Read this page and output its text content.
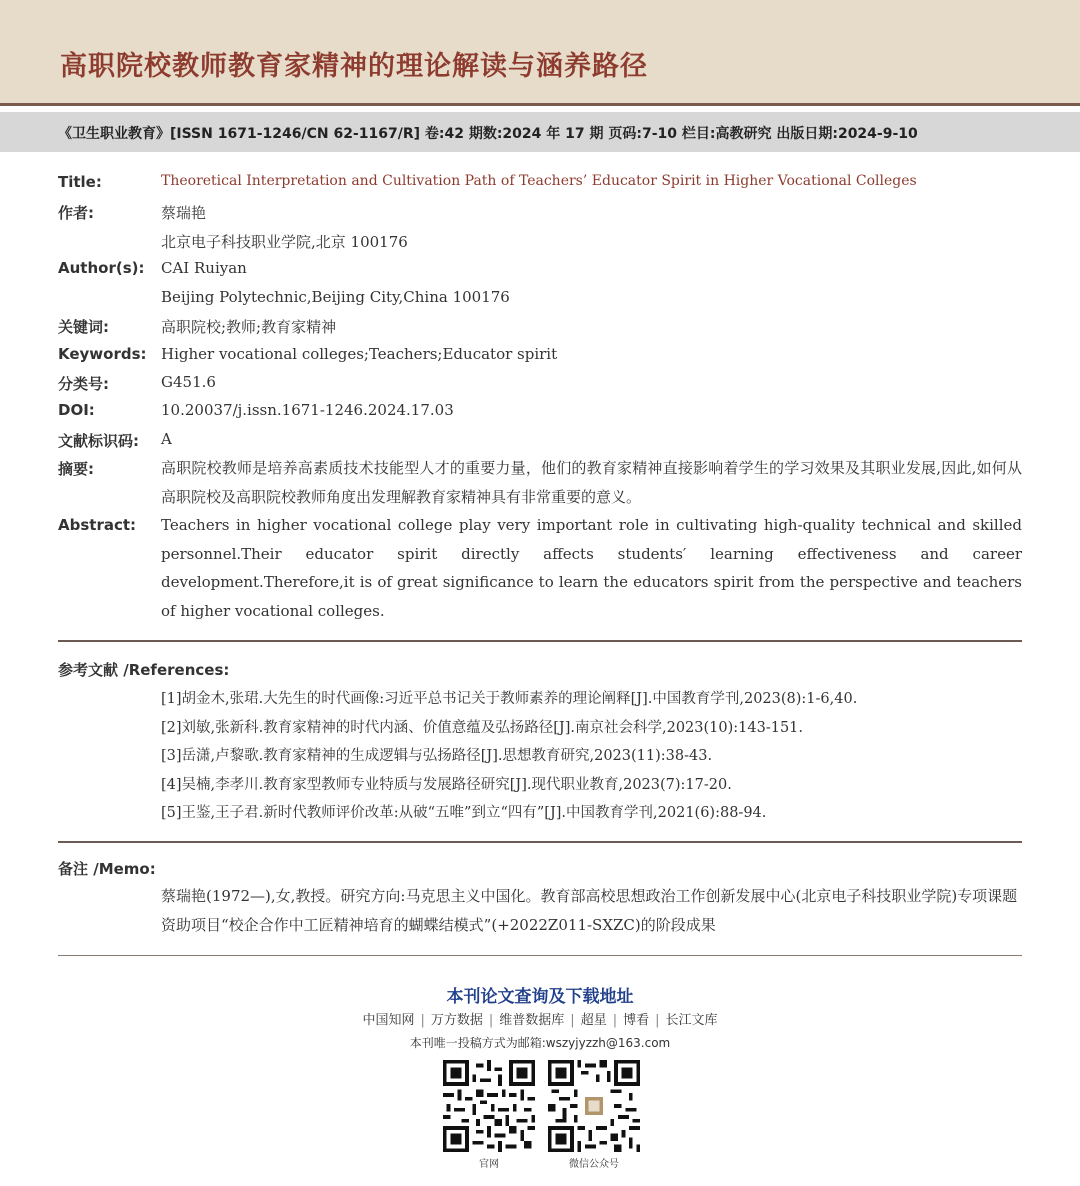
高职院校教师教育家精神的理论解读与涵养路径
《卫生职业教育》[ISSN 1671-1246/CN 62-1167/R] 卷:42 期数:2024 年 17 期 页码:7-10 栏目:高教研究 出版日期:2024-9-10
Title:	Theoretical Interpretation and Cultivation Path of Teachers’ Educator Spirit in Higher Vocational Colleges
作者:	蔡瑞艳
北京电子科技职业学院,北京 100176
Author(s): CAI Ruiyan
Beijing Polytechnic,Beijing City,China 100176
关键词:	高职院校;教师;教育家精神
Keywords: Higher vocational colleges;Teachers;Educator spirit
分类号:	G451.6
DOI:	10.20037/j.issn.1671-1246.2024.17.03
文献标识码: A
摘要:	高职院校教师是培养高素质技术技能型人才的重要力量，他们的教育家精神直接影响着学生的学习效果及其职业发展,因此,如何从高职院校及高职院校教师角度出发理解教育家精神具有非常重要的意义。
Abstract: Teachers in higher vocational college play very important role in cultivating high-quality technical and skilled personnel.Their educator spirit directly affects students′ learning effectiveness and career development.Therefore,it is of great significance to learn the educators spirit from the perspective and teachers of higher vocational colleges.
参考文献 /References:
[1]胡金木,张珺.大先生的时代画像:习近平总书记关于教师素养的理论阐释[J].中国教育学刊,2023(8):1-6,40.
[2]刘敏,张新科.教育家精神的时代内涵、价值意蕴及弘扬路径[J].南京社会科学,2023(10):143-151.
[3]岳潇,卢黎歌.教育家精神的生成逻辑与弘扬路径[J].思想教育研究,2023(11):38-43.
[4]吴楠,李孝川.教育家型教师专业特质与发展路径研究[J].现代职业教育,2023(7):17-20.
[5]王鉴,王子君.新时代教师评价改革:从破“五唯”到立“四有”[J].中国教育学刊,2021(6):88-94.
备注 /Memo:
蔡瑞艳(1972—),女,教授。研究方向:马克思主义中国化。教育部高校思想政治工作创新发展中心(北京电子科技职业学院)专项课题资助项目“校企合作中工匠精神培育的蝴蝶结模式”(+2022Z011-SXZC)的阶段成果
本刊论文查询及下载地址
中国知网 | 万方数据 | 维普数据库 | 超星 | 博看 | 长江文库
本刊唯一投稿方式为邮箱:wszyjyzzh@163.com
官网	微信公众号
